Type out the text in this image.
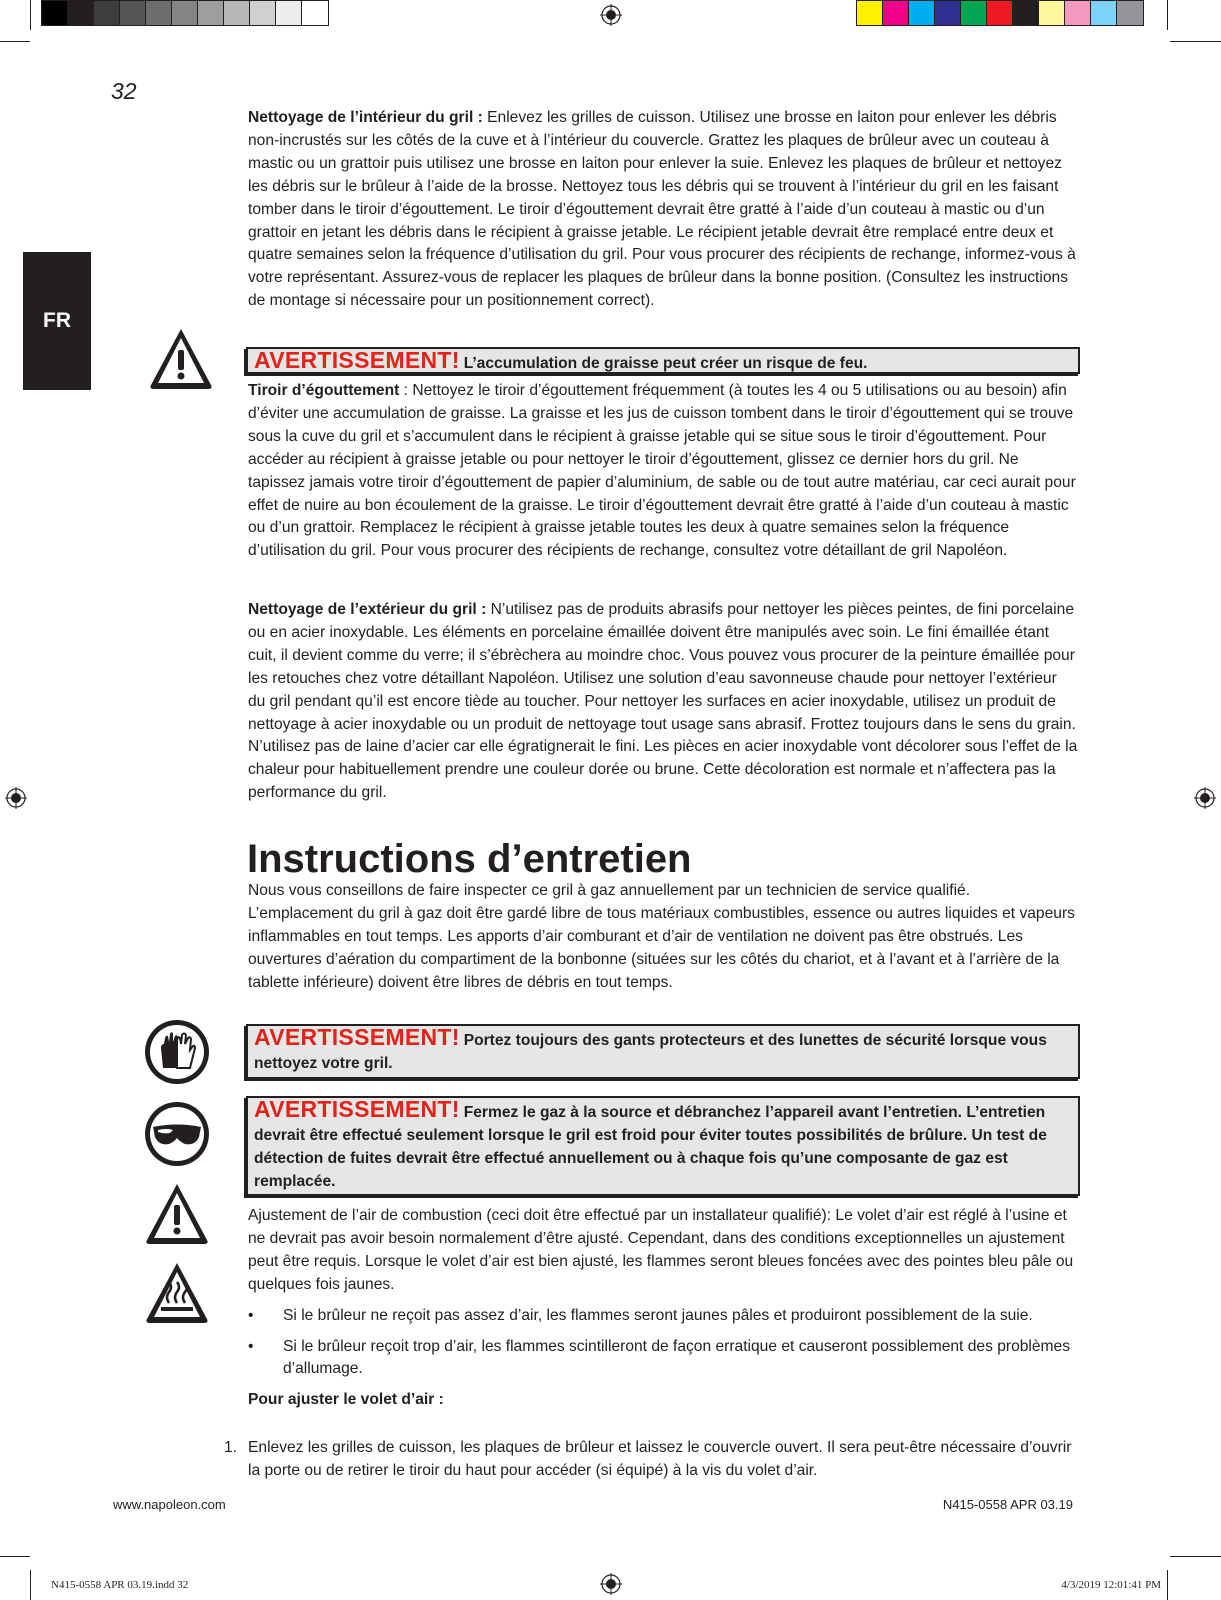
32
FR

Nettoyage de l’intérieur du gril : Enlevez les grilles de cuisson. Utilisez une brosse en laiton pour enlever les débris non-incrustés sur les côtés de la cuve et à l’intérieur du couvercle. Grattez les plaques de brûleur avec un couteau à mastic ou un grattoir puis utilisez une brosse en laiton pour enlever la suie. Enlevez les plaques de brûleur et nettoyez les débris sur le brûleur à l’aide de la brosse. Nettoyez tous les débris qui se trouvent à l’intérieur du gril en les faisant tomber dans le tiroir d’égouttement. Le tiroir d’égouttement devrait être gratté à l’aide d’un couteau à mastic ou d’un grattoir en jetant les débris dans le récipient à graisse jetable. Le récipient jetable devrait être remplacé entre deux et quatre semaines selon la fréquence d’utilisation du gril. Pour vous procurer des récipients de rechange, informez-vous à votre représentant. Assurez-vous de replacer les plaques de brûleur dans la bonne position. (Consultez les instructions de montage si nécessaire pour un positionnement correct).

AVERTISSEMENT! L’accumulation de graisse peut créer un risque de feu.

Tiroir d’égouttement : Nettoyez le tiroir d’égouttement fréquemment (à toutes les 4 ou 5 utilisations ou au besoin) afin d’éviter une accumulation de graisse. La graisse et les jus de cuisson tombent dans le tiroir d’égouttement qui se trouve sous la cuve du gril et s’accumulent dans le récipient à graisse jetable qui se situe sous le tiroir d’égouttement. Pour accéder au récipient à graisse jetable ou pour nettoyer le tiroir d’égouttement, glissez ce dernier hors du gril. Ne tapissez jamais votre tiroir d’égouttement de papier d’aluminium, de sable ou de tout autre matériau, car ceci aurait pour effet de nuire au bon écoulement de la graisse. Le tiroir d’égouttement devrait être gratté à l’aide d’un couteau à mastic ou d’un grattoir. Remplacez le récipient à graisse jetable toutes les deux à quatre semaines selon la fréquence d’utilisation du gril. Pour vous procurer des récipients de rechange, consultez votre détaillant de gril Napoléon.

Nettoyage de l’extérieur du gril : N’utilisez pas de produits abrasifs pour nettoyer les pièces peintes, de fini porcelaine ou en acier inoxydable. Les éléments en porcelaine émaillée doivent être manipulés avec soin. Le fini émaillée étant cuit, il devient comme du verre; il s’ébrèchera au moindre choc. Vous pouvez vous procurer de la peinture émaillée pour les retouches chez votre détaillant Napoléon. Utilisez une solution d’eau savonneuse chaude pour nettoyer l’extérieur du gril pendant qu’il est encore tiède au toucher. Pour nettoyer les surfaces en acier inoxydable, utilisez un produit de nettoyage à acier inoxydable ou un produit de nettoyage tout usage sans abrasif. Frottez toujours dans le sens du grain. N’utilisez pas de laine d’acier car elle égratignerait le fini. Les pièces en acier inoxydable vont décolorer sous l’effet de la chaleur pour habituellement prendre une couleur dorée ou brune. Cette décoloration est normale et n’affectera pas la performance du gril.

Instructions d’entretien

Nous vous conseillons de faire inspecter ce gril à gaz annuellement par un technicien de service qualifié. L’emplacement du gril à gaz doit être gardé libre de tous matériaux combustibles, essence ou autres liquides et vapeurs inflammables en tout temps. Les apports d’air comburant et d’air de ventilation ne doivent pas être obstrués. Les ouvertures d’aération du compartiment de la bonbonne (situées sur les côtés du chariot, et à l’avant et à l’arrière de la tablette inférieure) doivent être libres de débris en tout temps.

AVERTISSEMENT! Portez toujours des gants protecteurs et des lunettes de sécurité lorsque vous nettoyez votre gril.
AVERTISSEMENT! Fermez le gaz à la source et débranchez l’appareil avant l’entretien. L’entretien devrait être effectué seulement lorsque le gril est froid pour éviter toutes possibilités de brûlure. Un test de détection de fuites devrait être effectué annuellement ou à chaque fois qu’une composante de gaz est remplacée.

Ajustement de l’air de combustion (ceci doit être effectué par un installateur qualifié): Le volet d’air est réglé à l’usine et ne devrait pas avoir besoin normalement d’être ajusté. Cependant, dans des conditions exceptionnelles un ajustement peut être requis. Lorsque le volet d’air est bien ajusté, les flammes seront bleues foncées avec des pointes bleu pâle ou quelques fois jaunes.

•	Si le brûleur ne reçoit pas assez d’air, les flammes seront jaunes pâles et produiront possiblement de la suie.
•	Si le brûleur reçoit trop d’air, les flammes scintilleront de façon erratique et causeront possiblement des problèmes d’allumage.

Pour ajuster le volet d’air :

1. Enlevez les grilles de cuisson, les plaques de brûleur et laissez le couvercle ouvert. Il sera peut-être nécessaire d’ouvrir la porte ou de retirer le tiroir du haut pour accéder (si équipé) à la vis du volet d’air.
www.napoleon.com	N415-0558 APR 03.19
N415-0558 APR 03.19.indd 32	4/3/2019 12:01:41 PM
